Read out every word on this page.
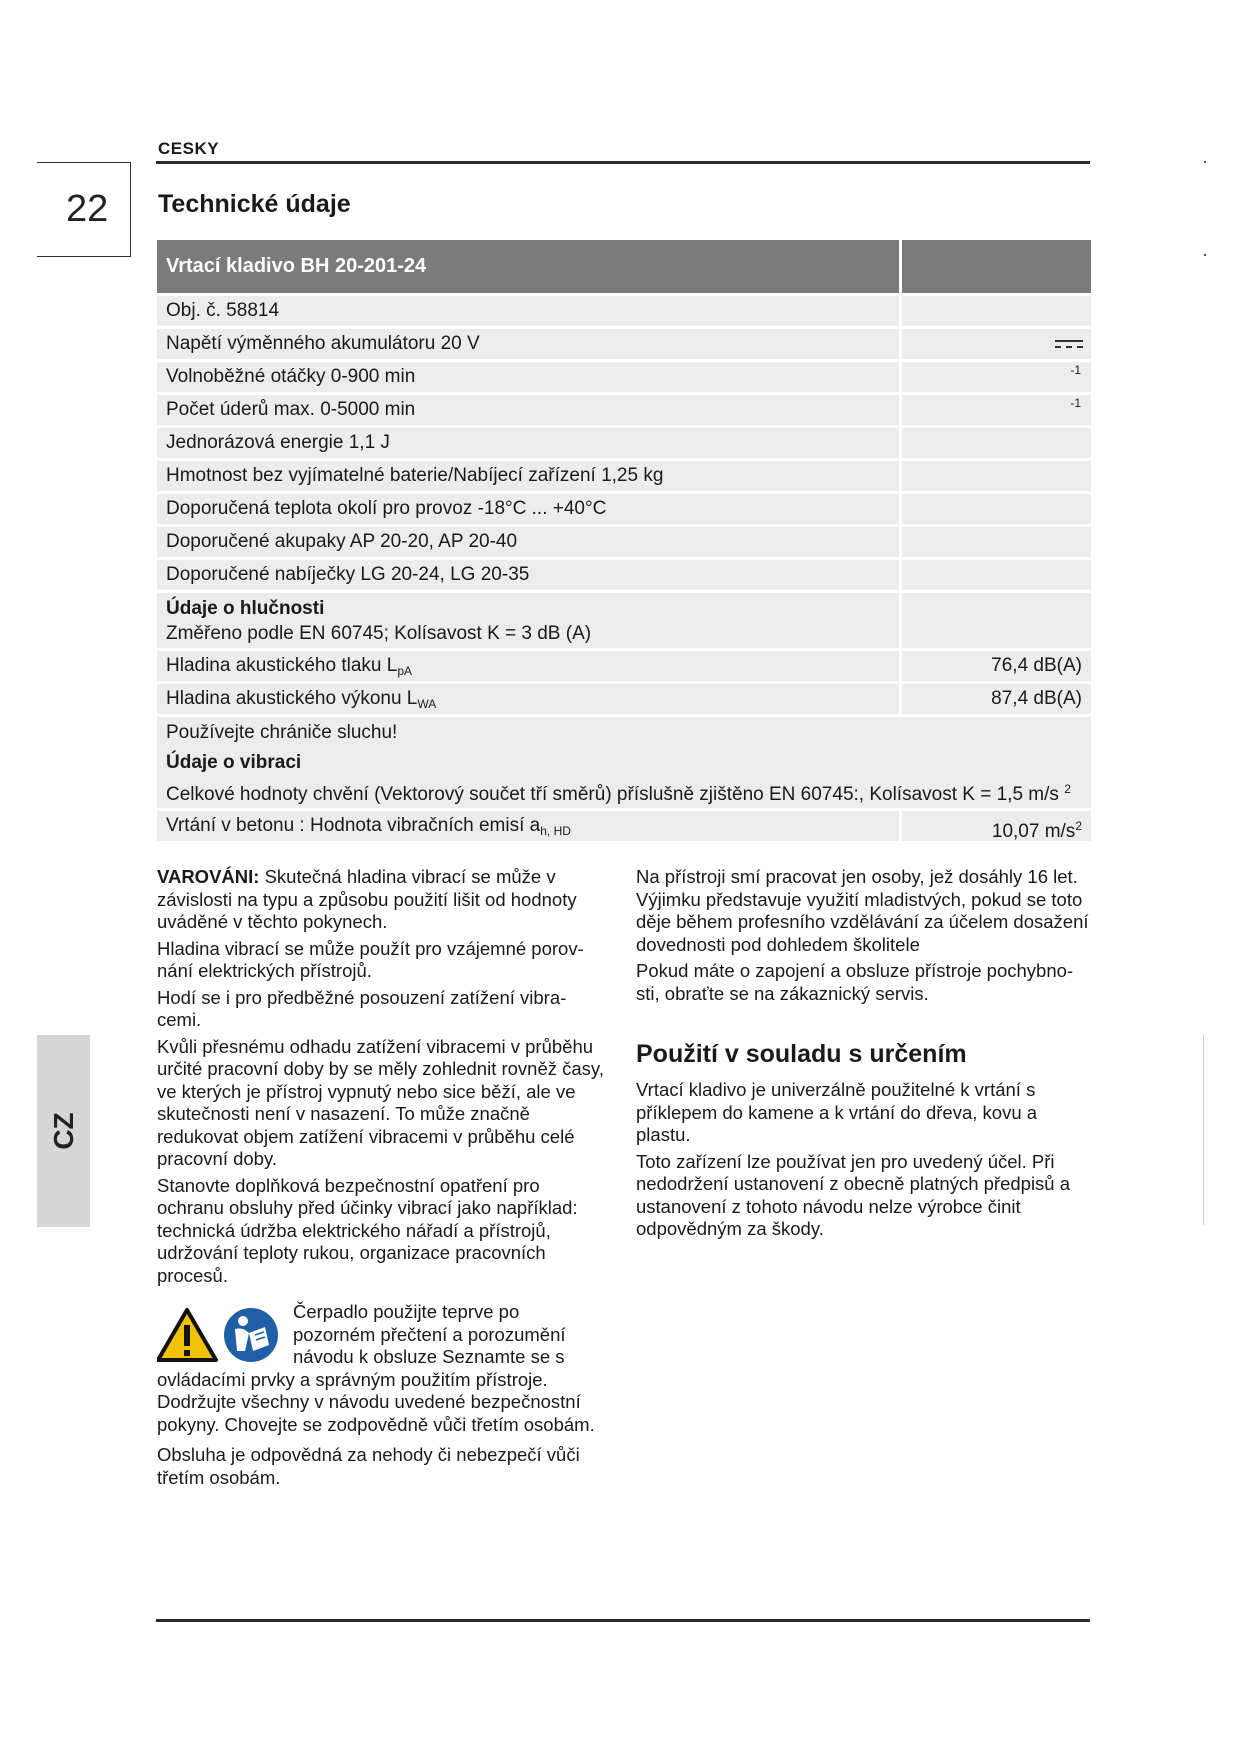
CESKY
22 Technické údaje
Vrtací kladivo BH 20-201-24
Obj. č. 58814
Napětí výměnného akumulátoru 20 V
Volnoběžné otáčky 0-900 min	-1
Počet úderů max. 0-5000 min	-1
Jednorázová energie 1,1 J
Hmotnost bez vyjímatelné baterie/Nabíjecí zařízení 1,25 kg
Doporučená teplota okolí pro provoz -18°C ... +40°C
Doporučené akupaky AP 20-20, AP 20-40
Doporučené nabíječky LG 20-24, LG 20-35
Údaje o hlučnosti
Změřeno podle EN 60745; Kolísavost K = 3 dB (A)
Hladina akustického tlaku $L_{pA}$	76,4 dB(A)
Hladina akustického výkonu $L_{WA}$	87,4 dB(A)
Používejte chrániče sluchu!
Údaje o vibraci
Celkové hodnoty chvění (Vektorový součet tří směrů) příslušně zjištěno EN 60745:, Kolísavost K = 1,5 m/s $^2$
Vrtání v betonu : Hodnota vibračních emisí $a_{h, HD}$	10,07 $m/s^2$

VAROVÁNI: Skutečná hladina vibrací se může v závislosti na typu a způsobu použití lišit od hodnoty uváděné v těchto pokynech.

Hladina vibrací se může použít pro vzájemné porov-nání elektrických přístrojů.

Hodí se i pro předběžné posouzení zatížení vibra-cemi.

Kvůli přesnému odhadu zatížení vibracemi v průběhu určité pracovní doby by se měly zohlednit rovněž časy, ve kterých je přístroj vypnutý nebo sice běží, ale ve skutečnosti není v nasazení. To může značně redukovat objem zatížení vibracemi v průběhu celé pracovní doby.

Stanovte doplňková bezpečnostní opatření pro ochranu obsluhy před účinky vibrací jako například: technická údržba elektrického nářadí a přístrojů, udržování teploty rukou, organizace pracovních procesů.

Čerpadlo použijte teprve po
pozorném přečtení a porozumění
návodu k obsluze Seznamte se s

ovládacími prvky a správným použitím přístroje. Dodržujte všechny v návodu uvedené bezpečnostní pokyny. Chovejte se zodpovědně vůči třetím osobám.

Obsluha je odpovědná za nehody či nebezpečí vůči třetím osobám.

Na přístroji smí pracovat jen osoby, jež dosáhly 16 let. Výjimku představuje využití mladistvých, pokud se toto děje během profesního vzdělávání za účelem dosažení dovednosti pod dohledem školitele

Pokud máte o zapojení a obsluze přístroje pochybno-sti, obraťte se na zákaznický servis.

Použití v souladu s určením

Vrtací kladivo je univerzálně použitelné k vrtání s příklepem do kamene a k vrtání do dřeva, kovu a plastu.

Toto zařízení lze používat jen pro uvedený účel. Při nedodržení ustanovení z obecně platných předpisů a ustanovení z tohoto návodu nelze výrobce činit odpovědným za škody.

CZ
